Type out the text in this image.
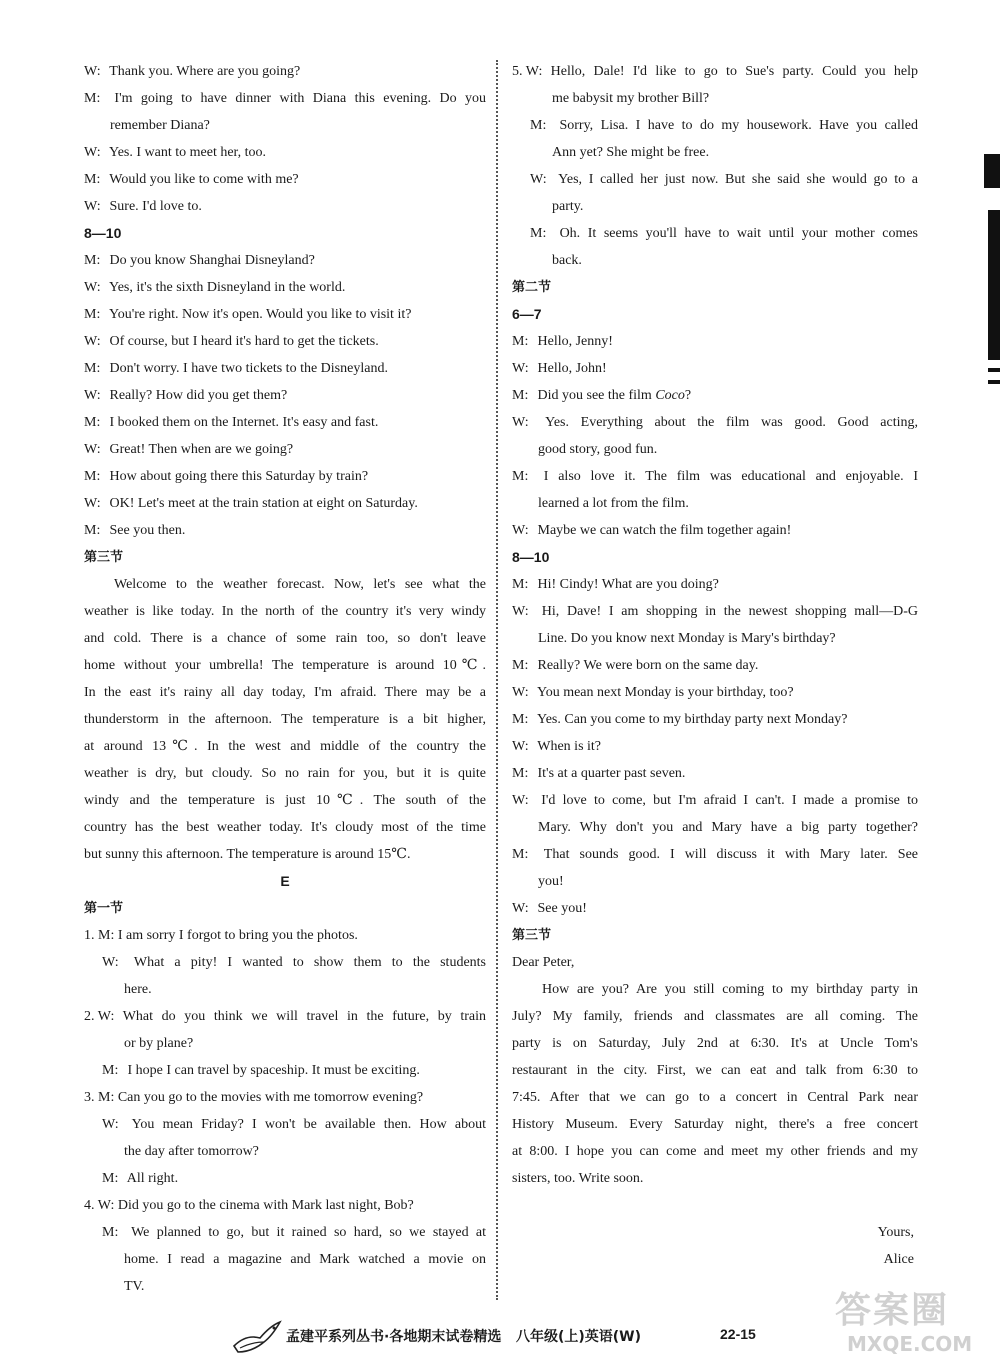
W: Thank you. Where are you going?
M: I'm going to have dinner with Diana this evening. Do you
remember Diana?
W: Yes. I want to meet her, too.
M: Would you like to come with me?
W: Sure. I'd love to.
8—10
M: Do you know Shanghai Disneyland?
W: Yes, it's the sixth Disneyland in the world.
M: You're right. Now it's open. Would you like to visit it?
W: Of course, but I heard it's hard to get the tickets.
M: Don't worry. I have two tickets to the Disneyland.
W: Really? How did you get them?
M: I booked them on the Internet. It's easy and fast.
W: Great! Then when are we going?
M: How about going there this Saturday by train?
W: OK! Let's meet at the train station at eight on Saturday.
M: See you then.
第三节
Welcome to the weather forecast. Now, let's see what the
weather is like today. In the north of the country it's very windy
and cold. There is a chance of some rain too, so don't leave
home without your umbrella! The temperature is around 10℃.
In the east it's rainy all day today, I'm afraid. There may be a
thunderstorm in the afternoon. The temperature is a bit higher,
at around 13℃. In the west and middle of the country the
weather is dry, but cloudy. So no rain for you, but it is quite
windy and the temperature is just 10℃. The south of the
country has the best weather today. It's cloudy most of the time
but sunny this afternoon. The temperature is around 15℃.
E
第一节
1. M: I am sorry I forgot to bring you the photos.
W: What a pity! I wanted to show them to the students
here.
2. W: What do you think we will travel in the future, by train
or by plane?
M: I hope I can travel by spaceship. It must be exciting.
3. M: Can you go to the movies with me tomorrow evening?
W: You mean Friday? I won't be available then. How about
the day after tomorrow?
M: All right.
4. W: Did you go to the cinema with Mark last night, Bob?
M: We planned to go, but it rained so hard, so we stayed at
home. I read a magazine and Mark watched a movie on
TV.
5. W: Hello, Dale! I'd like to go to Sue's party. Could you help
me babysit my brother Bill?
M: Sorry, Lisa. I have to do my housework. Have you called
Ann yet? She might be free.
W: Yes, I called her just now. But she said she would go to a
party.
M: Oh. It seems you'll have to wait until your mother comes
back.
第二节
6—7
M: Hello, Jenny!
W: Hello, John!
M: Did you see the film Coco?
W: Yes. Everything about the film was good. Good acting,
good story, good fun.
M: I also love it. The film was educational and enjoyable. I
learned a lot from the film.
W: Maybe we can watch the film together again!
8—10
M: Hi! Cindy! What are you doing?
W: Hi, Dave! I am shopping in the newest shopping mall—D-G
Line. Do you know next Monday is Mary's birthday?
M: Really? We were born on the same day.
W: You mean next Monday is your birthday, too?
M: Yes. Can you come to my birthday party next Monday?
W: When is it?
M: It's at a quarter past seven.
W: I'd love to come, but I'm afraid I can't. I made a promise to
Mary. Why don't you and Mary have a big party together?
M: That sounds good. I will discuss it with Mary later. See
you!
W: See you!
第三节
Dear Peter,
How are you? Are you still coming to my birthday party in
July? My family, friends and classmates are all coming. The
party is on Saturday, July 2nd at 6:30. It's at Uncle Tom's
restaurant in the city. First, we can eat and talk from 6:30 to
7:45. After that we can go to a concert in Central Park near
History Museum. Every Saturday night, there's a free concert
at 8:00. I hope you can come and meet my other friends and my
sisters, too. Write soon.
Yours,
Alice
孟建平系列丛书·各地期末试卷精选 八年级(上)英语(W)	22-15
答案圈
MXQE.COM
